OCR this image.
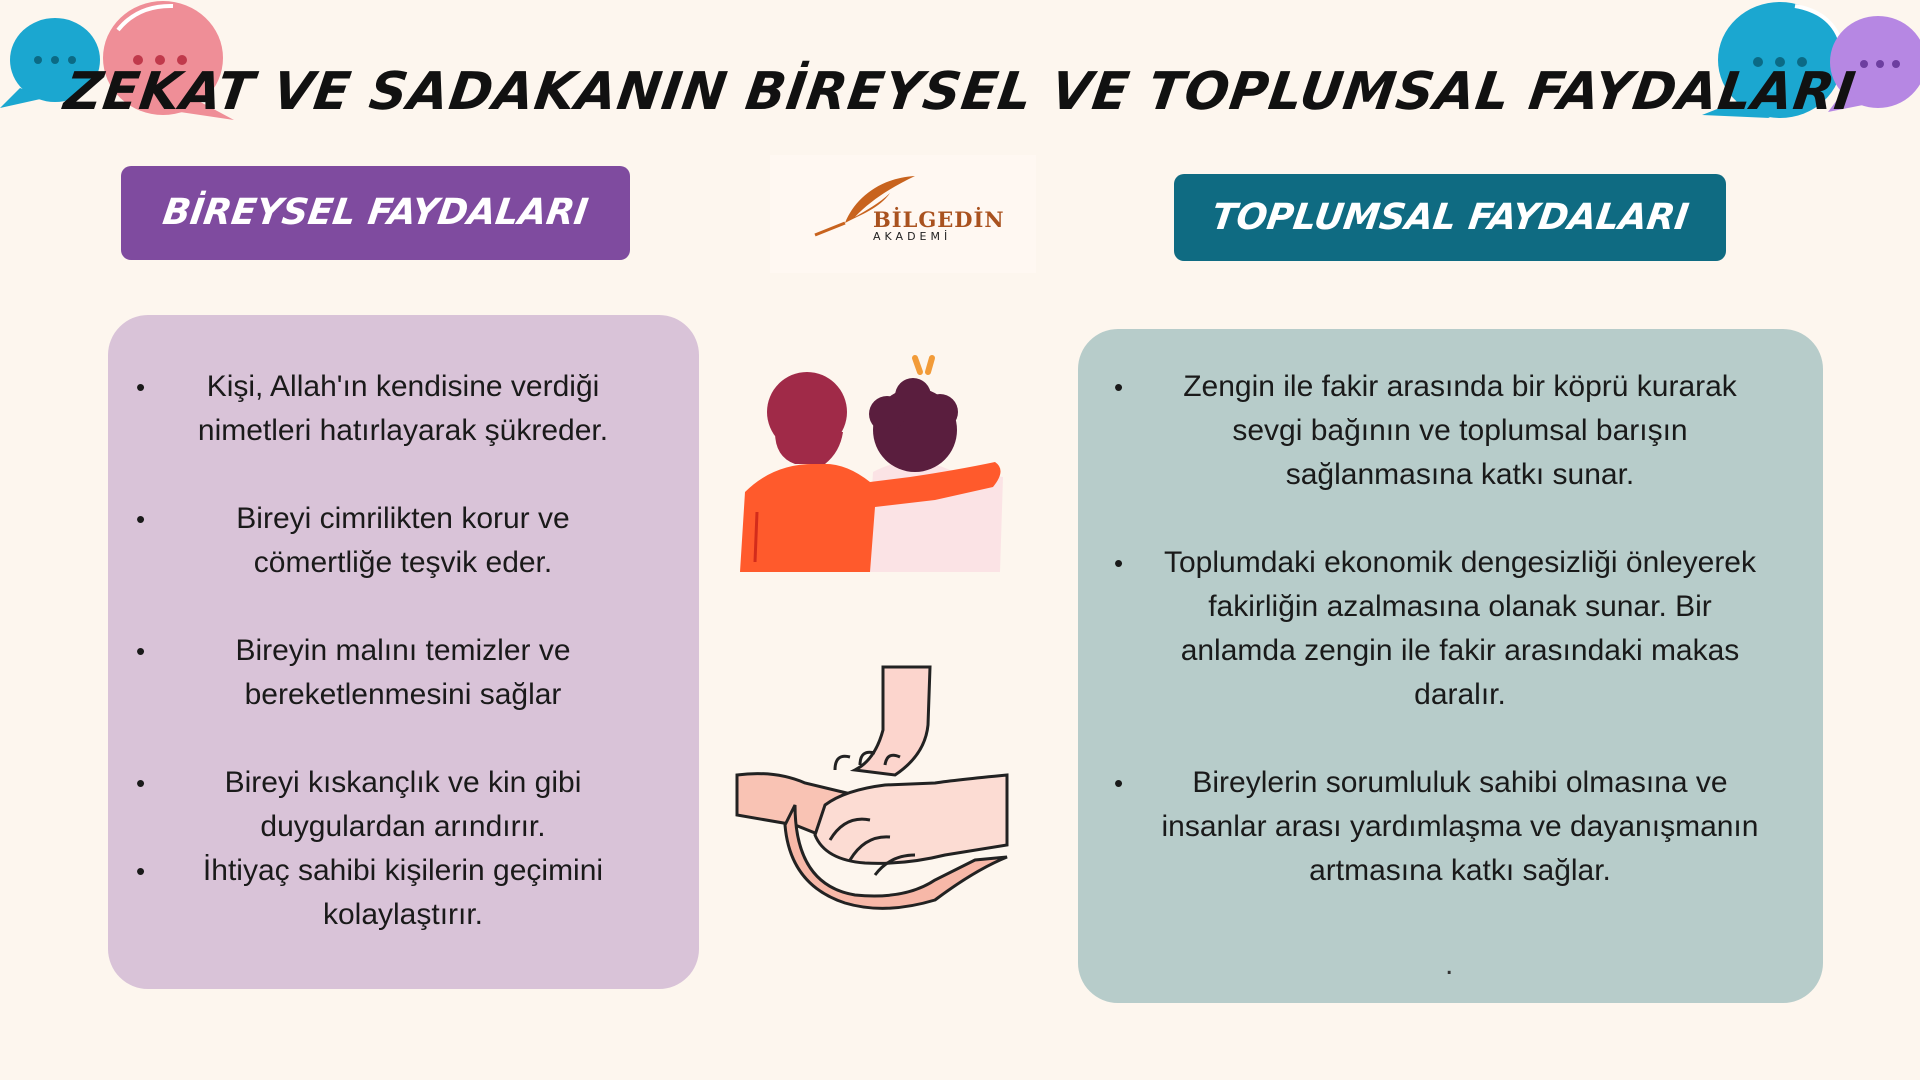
ZEKAT VE SADAKANIN BİREYSEL VE TOPLUMSAL FAYDALARI
BİREYSEL FAYDALARI	BİLGEDİN
AKADEMİ	TOPLUMSAL FAYDALARI
•	Kişi, Allah'ın kendisine verdiği
nimetleri hatırlayarak şükreder.
•	Bireyi cimrilikten korur ve
cömertliğe teşvik eder.
•	Bireyin malını temizler ve
bereketlenmesini sağlar
•	Bireyi kıskançlık ve kin gibi
duygulardan arındırır.
•	İhtiyaç sahibi kişilerin geçimini
kolaylaştırır.
•	Zengin ile fakir arasında bir köprü kurarak
sevgi bağının ve toplumsal barışın
sağlanmasına katkı sunar.
•	Toplumdaki ekonomik dengesizliği önleyerek
fakirliğin azalmasına olanak sunar. Bir
anlamda zengin ile fakir arasındaki makas
daralır.
•	Bireylerin sorumluluk sahibi olmasına ve
insanlar arası yardımlaşma ve dayanışmanın
artmasına katkı sağlar.
.
